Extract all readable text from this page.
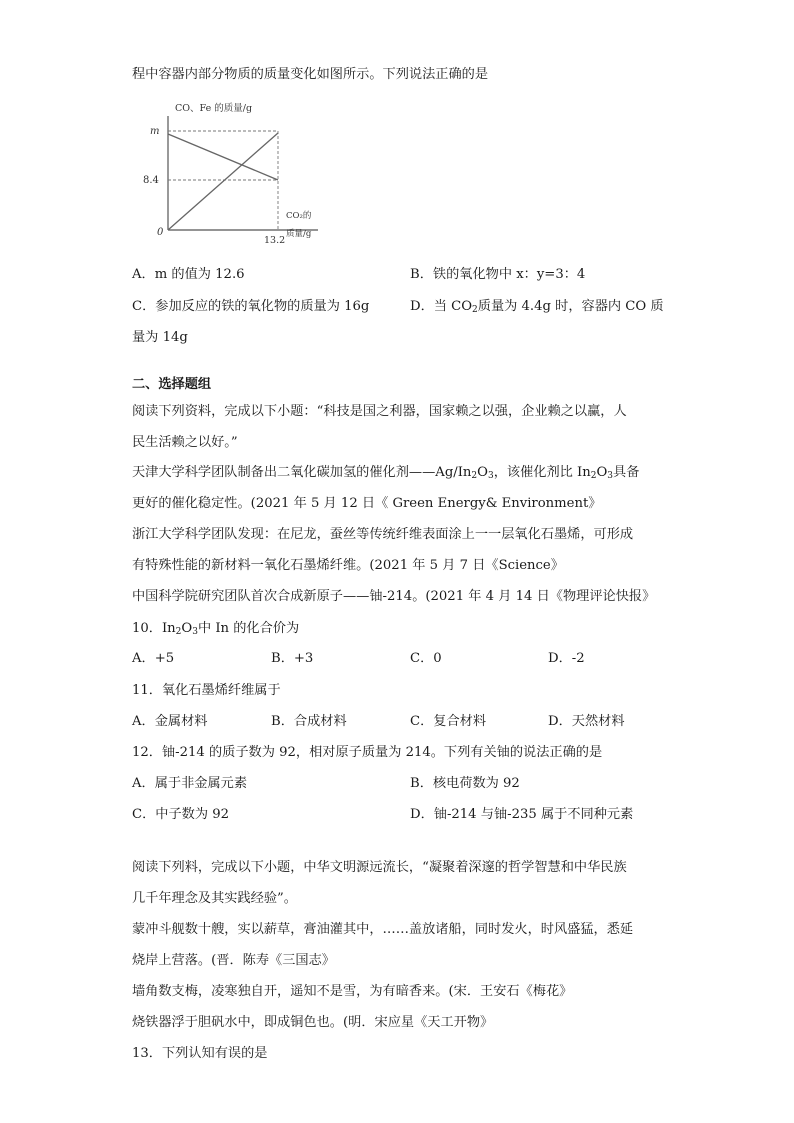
程中容器内部分物质的质量变化如图所示。下列说法正确的是
CO、Fe 的质量/g
m
8.4
0
13.2
CO₂的
质量/g
A．m 的值为 12.6	B．铁的氧化物中 x：y=3：4
C．参加反应的铁的氧化物的质量为 16g	D．当 $CO_2$质量为 4.4g 时，容器内 CO 质
量为 14g
二、选择题组
阅读下列资料，完成以下小题：“科技是国之利器，国家赖之以强，企业赖之以赢，人
民生活赖之以好。”
天津大学科学团队制备出二氧化碳加氢的催化剂$——Ag/In_2O_3$，该催化剂比 $In_2O_3$具备
更好的催化稳定性。(2021 年 5 月 12 日《 Green Energy& Environment》
浙江大学科学团队发现：在尼龙，蚕丝等传统纤维表面涂上一一层氧化石墨烯，可形成
有特殊性能的新材料一氧化石墨烯纤维。(2021 年 5 月 7 日《Science》
中国科学院研究团队首次合成新原子——铀-214。(2021 年 4 月 14 日《物理评论快报》
10．$In_2O_3$中 In 的化合价为
A．+5	B．+3	C．0	D．-2
11．氧化石墨烯纤维属于
A．金属材料	B．合成材料	C．复合材料	D．天然材料
12．铀-214 的质子数为 92，相对原子质量为 214。下列有关铀的说法正确的是
A．属于非金属元素	B．核电荷数为 92
C．中子数为 92	D．铀-214 与铀-235 属于不同种元素
阅读下列料，完成以下小题，中华文明源远流长，“凝聚着深邃的哲学智慧和中华民族
几千年理念及其实践经验”。
蒙冲斗舰数十艘，实以薪草，膏油灌其中，……盖放诸船，同时发火，时风盛猛，悉延
烧岸上营落。(晋．陈寿《三国志》
墙角数支梅，凌寒独自开，遥知不是雪，为有暗香来。(宋．王安石《梅花》
烧铁器浮于胆矾水中，即成铜色也。(明．宋应星《天工开物》
13．下列认知有误的是
